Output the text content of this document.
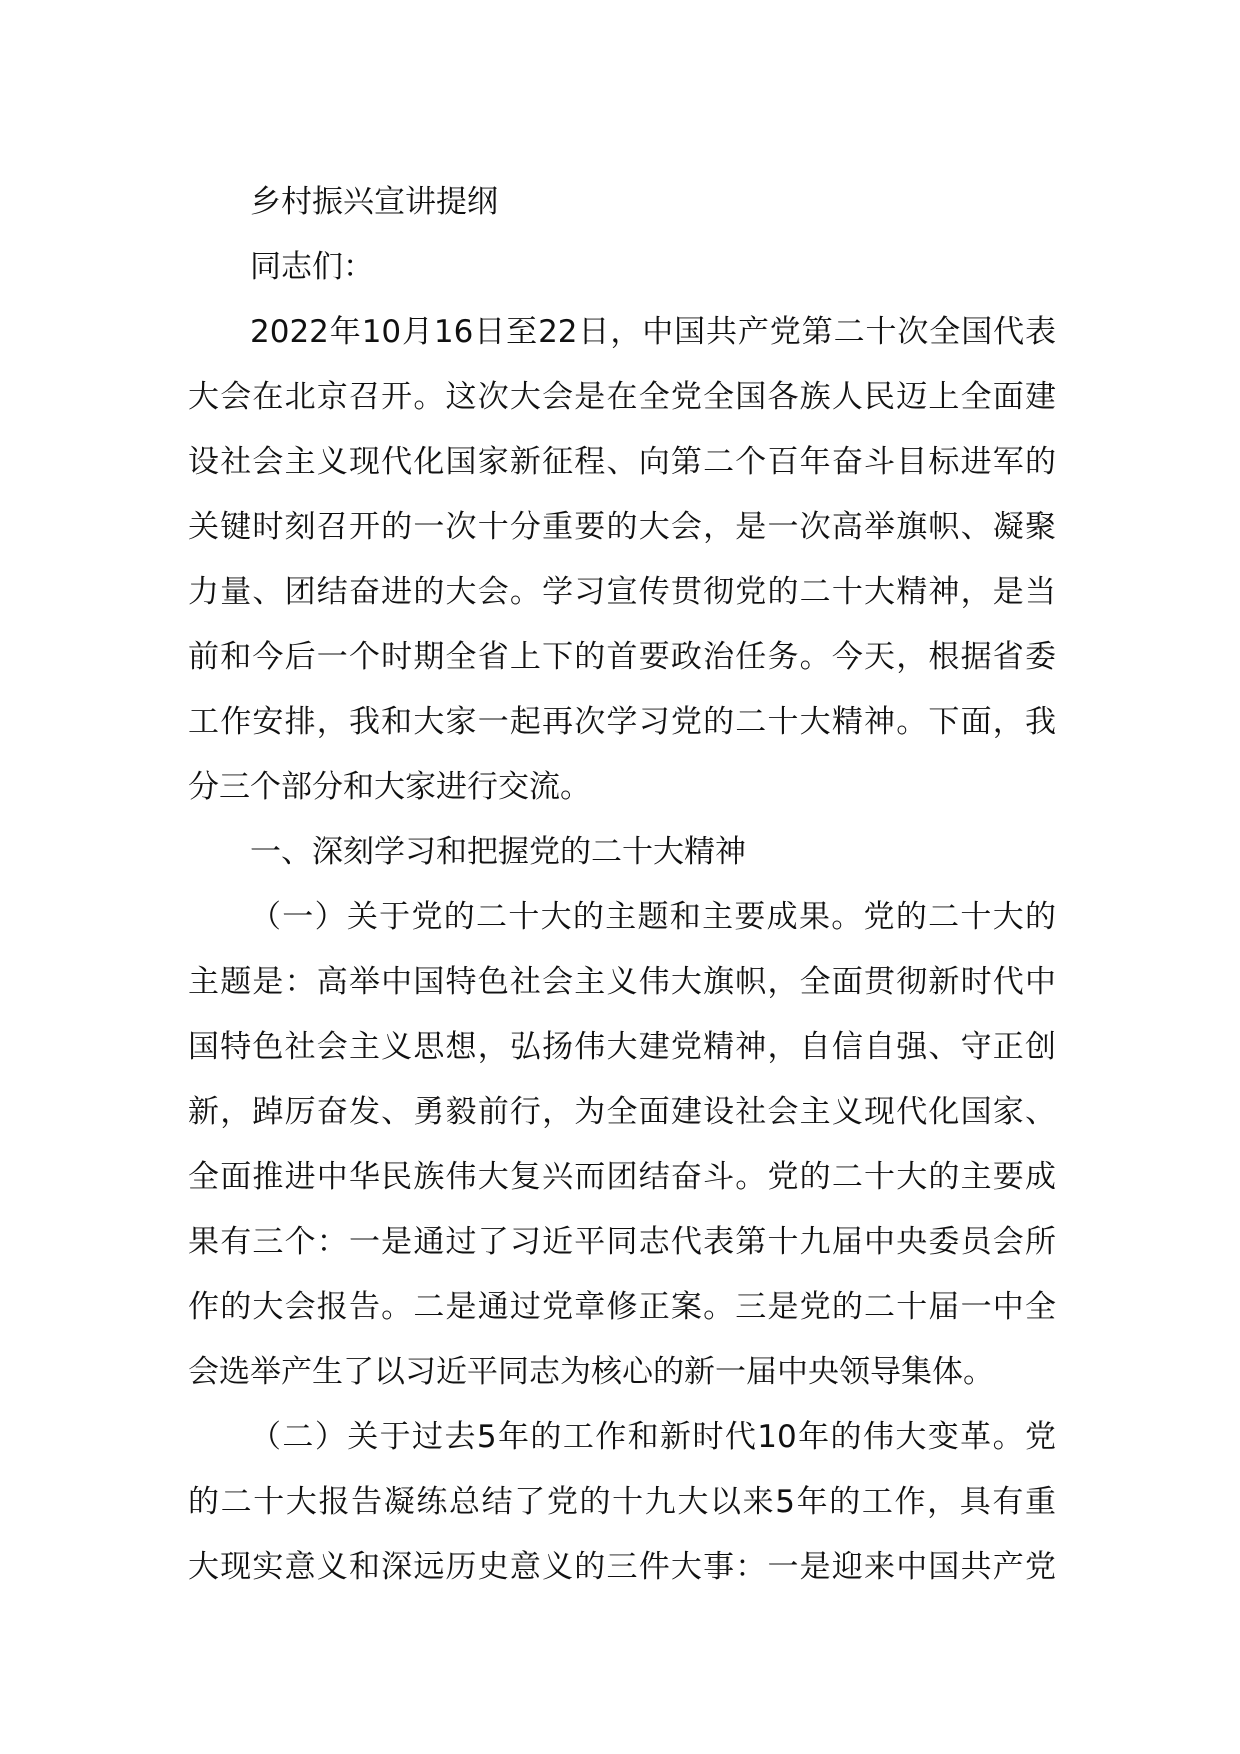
乡村振兴宣讲提纲
同志们：
2022年10月16日至22日，中国共产党第二十次全国代表
大会在北京召开。这次大会是在全党全国各族人民迈上全面建
设社会主义现代化国家新征程、向第二个百年奋斗目标进军的
关键时刻召开的一次十分重要的大会，是一次高举旗帜、凝聚
力量、团结奋进的大会。学习宣传贯彻党的二十大精神，是当
前和今后一个时期全省上下的首要政治任务。今天，根据省委
工作安排，我和大家一起再次学习党的二十大精神。下面，我
分三个部分和大家进行交流。
一、深刻学习和把握党的二十大精神
（一）关于党的二十大的主题和主要成果。党的二十大的
主题是：高举中国特色社会主义伟大旗帜，全面贯彻新时代中
国特色社会主义思想，弘扬伟大建党精神，自信自强、守正创
新，踔厉奋发、勇毅前行，为全面建设社会主义现代化国家、
全面推进中华民族伟大复兴而团结奋斗。党的二十大的主要成
果有三个：一是通过了习近平同志代表第十九届中央委员会所
作的大会报告。二是通过党章修正案。三是党的二十届一中全
会选举产生了以习近平同志为核心的新一届中央领导集体。
（二）关于过去5年的工作和新时代10年的伟大变革。党
的二十大报告凝练总结了党的十九大以来5年的工作，具有重
大现实意义和深远历史意义的三件大事：一是迎来中国共产党
